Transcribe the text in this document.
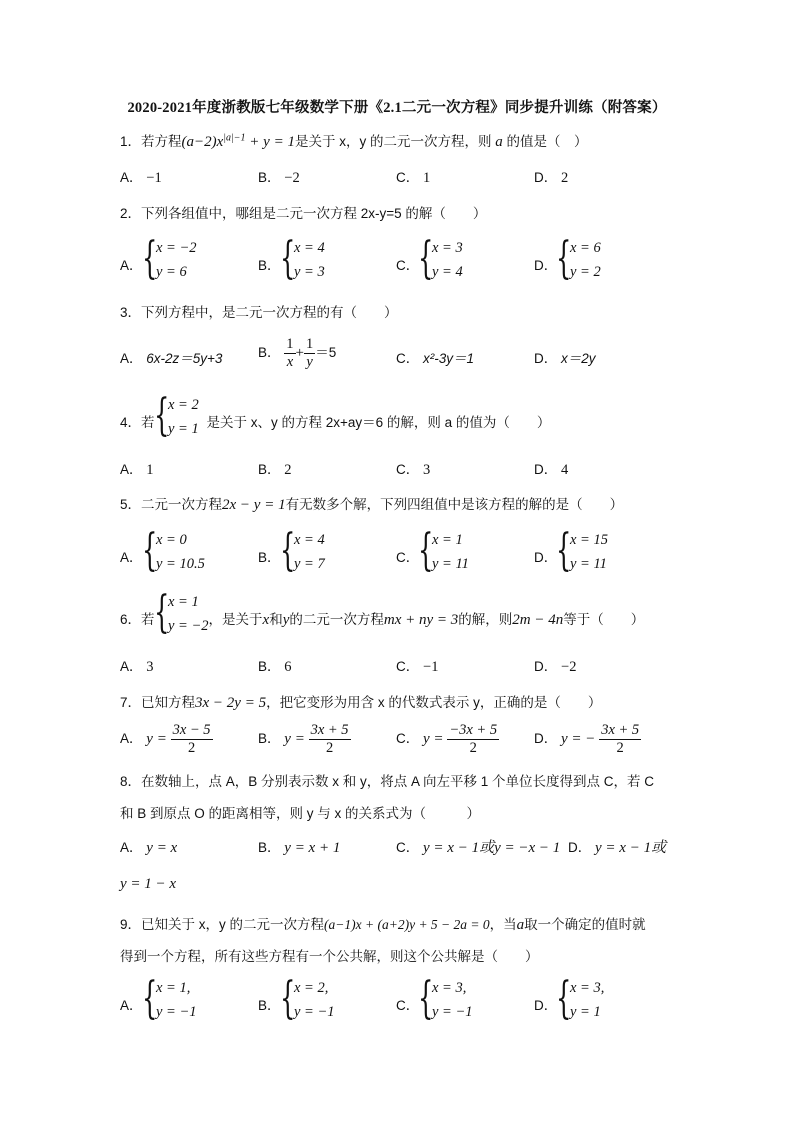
2020-2021年度浙教版七年级数学下册《2.1二元一次方程》同步提升训练（附答案）
1．若方程$(a-2)x^{|a|-1} + y = 1$是关于 x，y 的二元一次方程，则 a 的值是（　）
A． −1	B． −2	C． 1	D． 2
2．下列各组值中，哪组是二元一次方程 2x-y=5 的解（　　）
A． {
x = −2
y = 6	B． {
x = 4
y = 3	C．
{
x = 3
y = 4	D．
{
x = 6
y = 2
3．下列方程中，是二元一次方程的有（　　）
A． 6x-2z＝5y+3	B． $\frac{1}{x} + \frac{1}{y} =5$	C． x²-3y＝1	D． x＝2y
4．若	是关于 x、y 的方程 2x+ay＝6 的解，则 a 的值为（　　）
{
x = 2
y = 1
A． 1	B． 2	C． 3	D． 4
5．二元一次方程2x − y = 1有无数多个解，下列四组值中是该方程的解的是（　　）
A． {
x = 0
y = 10.5	B． {
x = 4
y = 7	C．
{
x = 1
y = 11	D．
{
x = 15
y = 11
6．若	，是关于x和y的二元一次方程mx + ny = 3的解，则2m − 4n等于（　　）
{
x = 1
y = −2
A． 3	B． 6	C． −1	D． −2
7．已知方程3x − 2y = 5，把它变形为用含 x 的代数式表示 y，正确的是（　　）
A． $y = \frac{3x - 5}{2}$	B． $y = \frac{3x + 5}{2}$	C． $y = \frac{-3x + 5}{2}$	D． y = − $\frac{3x + 5}{2}$
8．在数轴上，点 A，B 分别表示数 x 和 y，将点 A 向左平移 1 个单位长度得到点 C，若 C
和 B 到原点 O 的距离相等，则 y 与 x 的关系式为（　　　）
A． y = x	B． y = x + 1	C． y = x − 1或y = −x − 1 D． y = x − 1或
y = 1 − x
9．已知关于 x，y 的二元一次方程(a−1)x + (a+2)y + 5 − 2a = 0，当a取一个确定的值时就
得到一个方程，所有这些方程有一个公共解，则这个公共解是（　　）
A． {
x = 1,
y = −1	B． {
x = 2,
y = −1	C．
{
x = 3,
y = −1	D．
{
x = 3,
y = 1
